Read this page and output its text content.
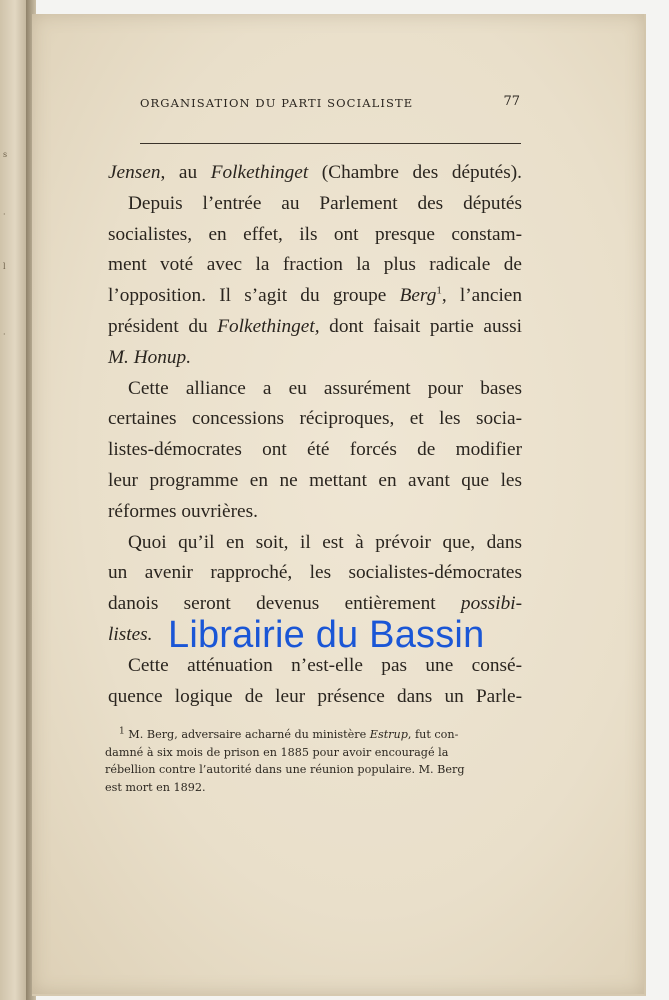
s
·
l
·
ORGANISATION DU PARTI SOCIALISTE	77
Jensen, au Folkethinget (Chambre des députés).
Depuis l’entrée au Parlement des députés
socialistes, en effet, ils ont presque constam-
ment voté avec la fraction la plus radicale de
l’opposition. Il s’agit du groupe Berg$^1$, l’ancien
président du Folkethinget, dont faisait partie aussi
M. Honup.
Cette alliance a eu assurément pour bases
certaines concessions réciproques, et les socia-
listes-démocrates ont été forcés de modifier
leur programme en ne mettant en avant que les
réformes ouvrières.
Quoi qu’il en soit, il est à prévoir que, dans
un avenir rapproché, les socialistes-démocrates
danois seront devenus entièrement possibi-
listes.
Cette atténuation n’est-elle pas une consé-
quence logique de leur présence dans un Parle-
$^1$ M. Berg, adversaire acharné du ministère Estrup, fut con-
damné à six mois de prison en 1885 pour avoir encouragé la
rébellion contre l’autorité dans une réunion populaire. M. Berg
est mort en 1892.
Librairie du Bassin
